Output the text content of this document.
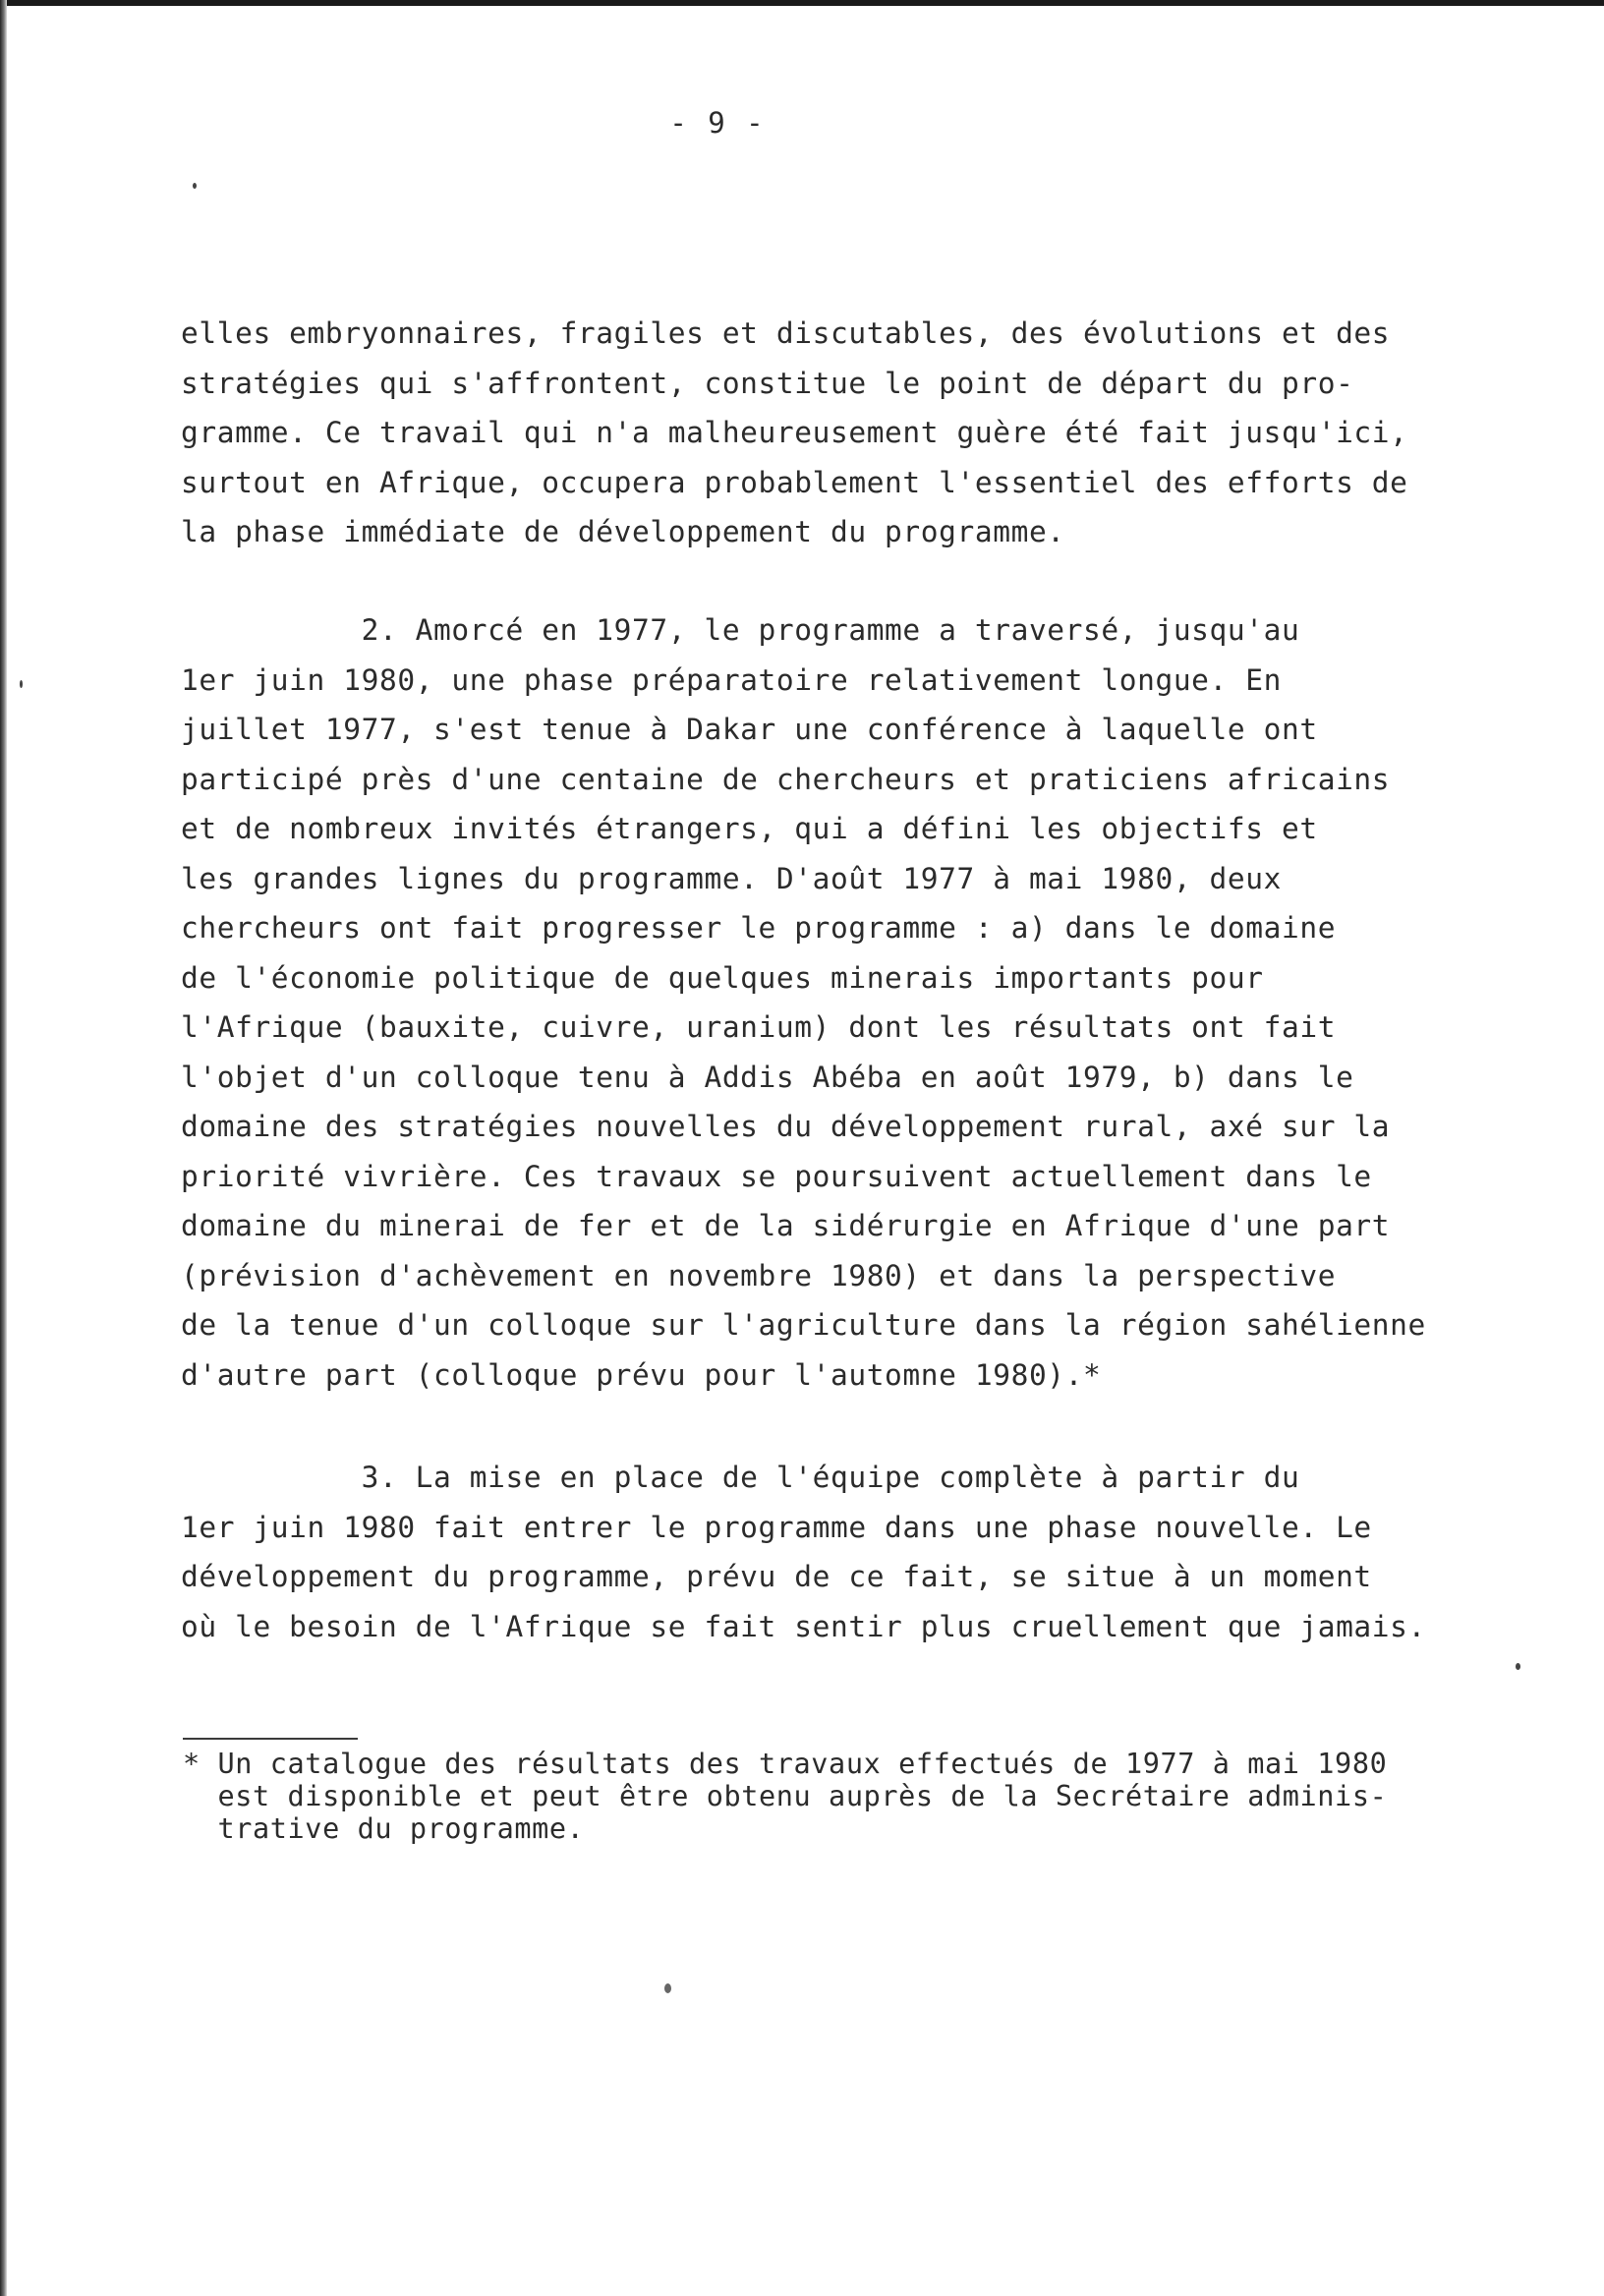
- 9 -
elles embryonnaires, fragiles et discutables, des évolutions et des
stratégies qui s'affrontent, constitue le point de départ du pro-
gramme. Ce travail qui n'a malheureusement guère été fait jusqu'ici,
surtout en Afrique, occupera probablement l'essentiel des efforts de
la phase immédiate de développement du programme.
2. Amorcé en 1977, le programme a traversé, jusqu'au
1er juin 1980, une phase préparatoire relativement longue. En
juillet 1977, s'est tenue à Dakar une conférence à laquelle ont
participé près d'une centaine de chercheurs et praticiens africains
et de nombreux invités étrangers, qui a défini les objectifs et
les grandes lignes du programme. D'août 1977 à mai 1980, deux
chercheurs ont fait progresser le programme : a) dans le domaine
de l'économie politique de quelques minerais importants pour
l'Afrique (bauxite, cuivre, uranium) dont les résultats ont fait
l'objet d'un colloque tenu à Addis Abéba en août 1979, b) dans le
domaine des stratégies nouvelles du développement rural, axé sur la
priorité vivrière. Ces travaux se poursuivent actuellement dans le
domaine du minerai de fer et de la sidérurgie en Afrique d'une part
(prévision d'achèvement en novembre 1980) et dans la perspective
de la tenue d'un colloque sur l'agriculture dans la région sahélienne
d'autre part (colloque prévu pour l'automne 1980).*
3. La mise en place de l'équipe complète à partir du
1er juin 1980 fait entrer le programme dans une phase nouvelle. Le
développement du programme, prévu de ce fait, se situe à un moment
où le besoin de l'Afrique se fait sentir plus cruellement que jamais.
* Un catalogue des résultats des travaux effectués de 1977 à mai 1980
est disponible et peut être obtenu auprès de la Secrétaire adminis-
trative du programme.
